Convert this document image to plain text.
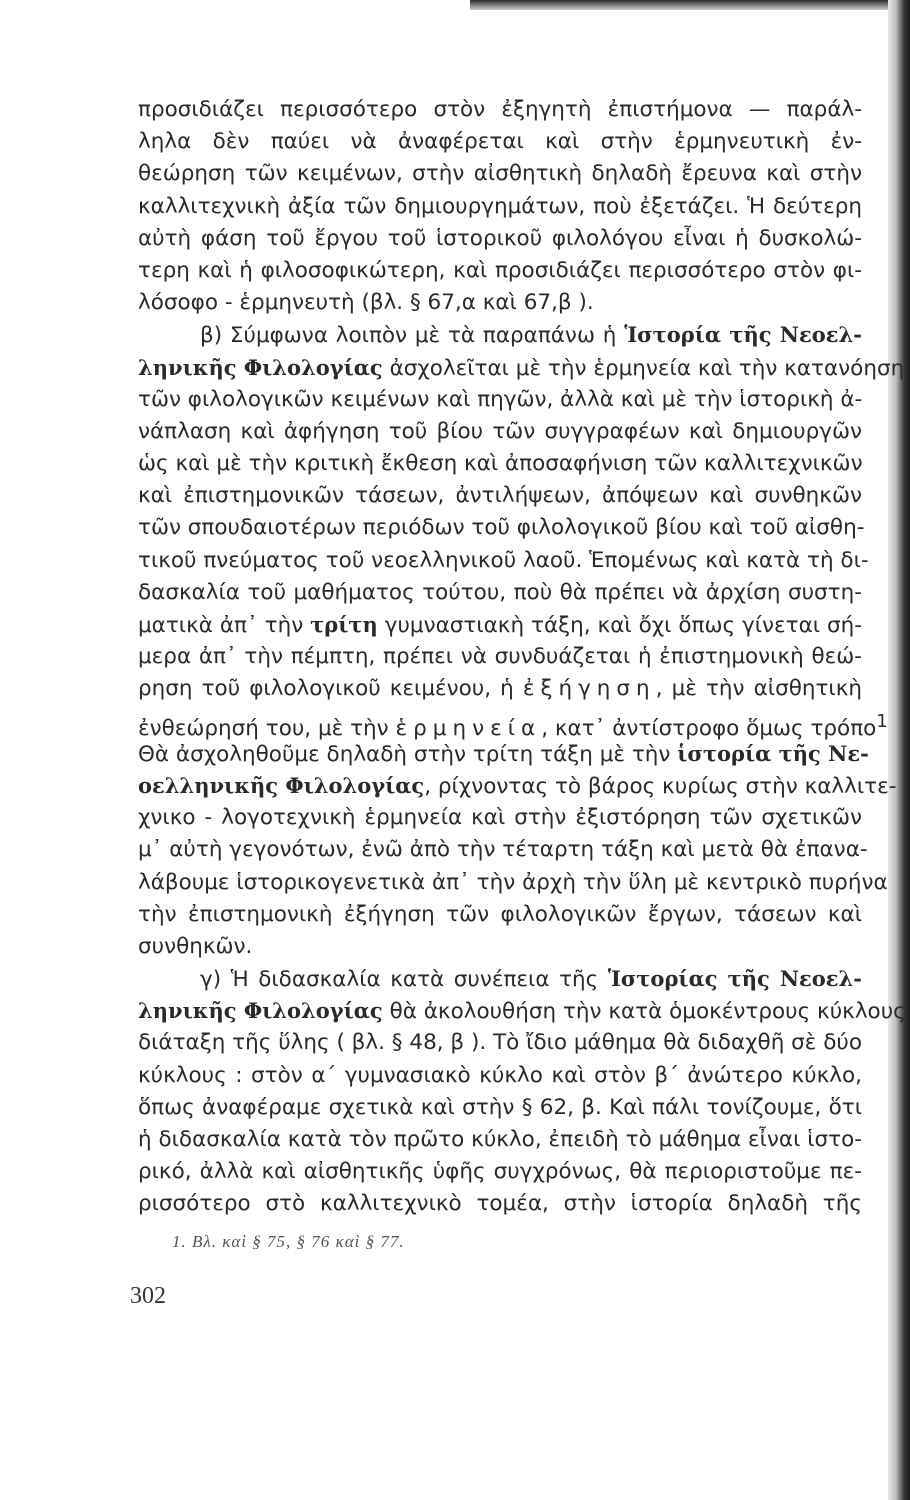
προσιδιάζει περισσότερο στὸν ἐξηγητὴ ἐπιστήμονα — παράλ-
ληλα δὲν παύει νὰ ἀναφέρεται καὶ στὴν ἑρμηνευτικὴ ἐν-
θεώρηση τῶν κειμένων, στὴν αἰσθητικὴ δηλαδὴ ἔρευνα καὶ στὴν
καλλιτεχνικὴ ἀξία τῶν δημιουργημάτων, ποὺ ἐξετάζει. Ἡ δεύτερη
αὐτὴ φάση τοῦ ἔργου τοῦ ἱστορικοῦ φιλολόγου εἶναι ἡ δυσκολώ-
τερη καὶ ἡ φιλοσοφικώτερη, καὶ προσιδιάζει περισσότερο στὸν φι-
λόσοφο - ἑρμηνευτὴ (βλ. § 67,α καὶ 67,β ).
β) Σύμφωνα λοιπὸν μὲ τὰ παραπάνω ἡ Ἱστορία τῆς Νεοελ-
ληνικῆς Φιλολογίας ἀσχολεῖται μὲ τὴν ἑρμηνεία καὶ τὴν κατανόηση
τῶν φιλολογικῶν κειμένων καὶ πηγῶν, ἀλλὰ καὶ μὲ τὴν ἱστορικὴ ἀ-
νάπλαση καὶ ἀφήγηση τοῦ βίου τῶν συγγραφέων καὶ δημιουργῶν
ὡς καὶ μὲ τὴν κριτικὴ ἔκθεση καὶ ἀποσαφήνιση τῶν καλλιτεχνικῶν
καὶ ἐπιστημονικῶν τάσεων, ἀντιλήψεων, ἀπόψεων καὶ συνθηκῶν
τῶν σπουδαιοτέρων περιόδων τοῦ φιλολογικοῦ βίου καὶ τοῦ αἰσθη-
τικοῦ πνεύματος τοῦ νεοελληνικοῦ λαοῦ. Ἑπομένως καὶ κατὰ τὴ δι-
δασκαλία τοῦ μαθήματος τούτου, ποὺ θὰ πρέπει νὰ ἀρχίση συστη-
ματικὰ ἀπ᾽ τὴν τρίτη γυμναστιακὴ τάξη, καὶ ὄχι ὅπως γίνεται σή-
μερα ἀπ᾽ τὴν πέμπτη, πρέπει νὰ συνδυάζεται ἡ ἐπιστημονικὴ θεώ-
ρηση τοῦ φιλολογικοῦ κειμένου, ἡ ἐξήγηση, μὲ τὴν αἰσθητικὴ
ἐνθεώρησή του, μὲ τὴν ἑρμηνεία, κατ᾽ ἀντίστροφο ὅμως τρόπο$^1$
Θὰ ἀσχοληθοῦμε δηλαδὴ στὴν τρίτη τάξη μὲ τὴν ἱστορία τῆς Νε-
οελληνικῆς Φιλολογίας, ρίχνοντας τὸ βάρος κυρίως στὴν καλλιτε-
χνικο - λογοτεχνικὴ ἑρμηνεία καὶ στὴν ἐξιστόρηση τῶν σχετικῶν
μ᾽ αὐτὴ γεγονότων, ἐνῶ ἀπὸ τὴν τέταρτη τάξη καὶ μετὰ θὰ ἐπανα-
λάβουμε ἱστορικογενετικὰ ἀπ᾽ τὴν ἀρχὴ τὴν ὕλη μὲ κεντρικὸ πυρήνα
τὴν ἐπιστημονικὴ ἐξήγηση τῶν φιλολογικῶν ἔργων, τάσεων καὶ
συνθηκῶν.
γ) Ἡ διδασκαλία κατὰ συνέπεια τῆς Ἱστορίας τῆς Νεοελ-
ληνικῆς Φιλολογίας θὰ ἀκολουθήση τὴν κατὰ ὁμοκέντρους κύκλους
διάταξη τῆς ὕλης ( βλ. § 48, β ). Τὸ ἴδιο μάθημα θὰ διδαχθῆ σὲ δύο
κύκλους : στὸν α΄ γυμνασιακὸ κύκλο καὶ στὸν β΄ ἀνώτερο κύκλο,
ὅπως ἀναφέραμε σχετικὰ καὶ στὴν § 62, β. Καὶ πάλι τονίζουμε, ὅτι
ἡ διδασκαλία κατὰ τὸν πρῶτο κύκλο, ἐπειδὴ τὸ μάθημα εἶναι ἱστο-
ρικό, ἀλλὰ καὶ αἰσθητικῆς ὑφῆς συγχρόνως, θὰ περιοριστοῦμε πε-
ρισσότερο στὸ καλλιτεχνικὸ τομέα, στὴν ἱστορία δηλαδὴ τῆς
1. Βλ. καὶ § 75, § 76 καὶ § 77.
302
